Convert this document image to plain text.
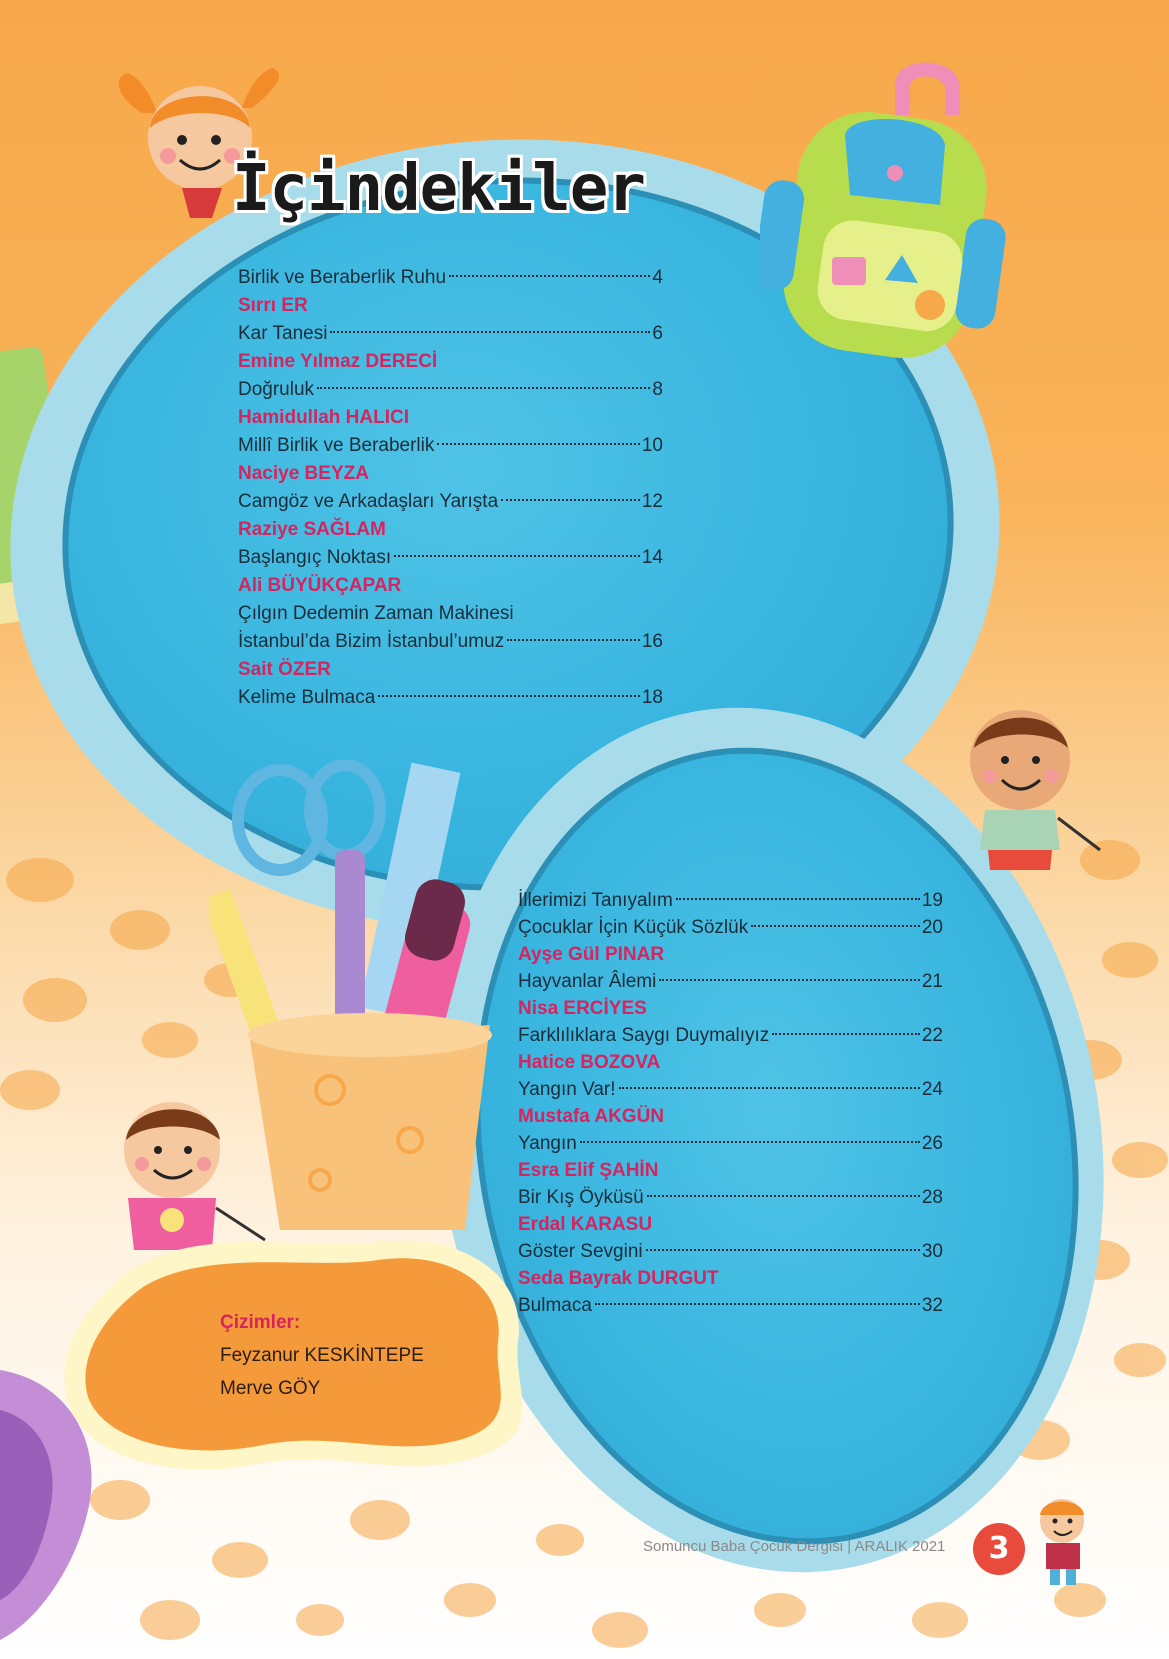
Çizimler:
Feyzanur KESKİNTEPE
Merve GÖY
İçindekiler
Birlik ve Beraberlik Ruhu	4
Sırrı ER
Kar Tanesi	6
Emine Yılmaz DERECİ
Doğruluk	8
Hamidullah HALICI
Millî Birlik ve Beraberlik	10
Naciye BEYZA
Camgöz ve Arkadaşları Yarışta	12
Raziye SAĞLAM
Başlangıç Noktası	14
Ali BÜYÜKÇAPAR
Çılgın Dedemin Zaman Makinesi
İstanbul’da Bizim İstanbul’umuz	16
Sait ÖZER
Kelime Bulmaca	18
İllerimizi Tanıyalım	19
Çocuklar İçin Küçük Sözlük	20
Ayşe Gül PINAR
Hayvanlar Âlemi	21
Nisa ERCİYES
Farklılıklara Saygı Duymalıyız	22
Hatice BOZOVA
Yangın Var!	24
Mustafa AKGÜN
Yangın	26
Esra Elif ŞAHİN
Bir Kış Öyküsü	28
Erdal KARASU
Göster Sevgini	30
Seda Bayrak DURGUT
Bulmaca	32
Somuncu Baba Çocuk Dergisi | ARALIK 2021	3
